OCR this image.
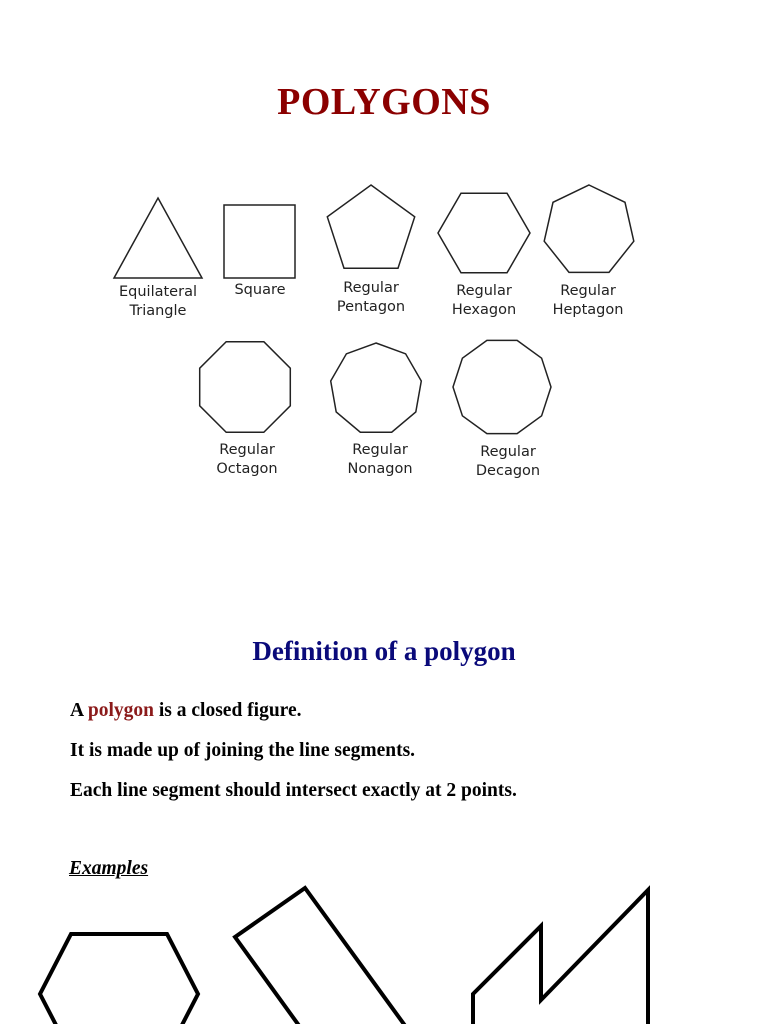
POLYGONS
Equilateral
Triangle
Square	Regular
Pentagon
Regular
Hexagon
Regular
Heptagon
Regular
Octagon
Regular
Nonagon
Regular
Decagon
Definition of a polygon
A polygon is a closed figure.
It is made up of joining the line segments.
Each line segment should intersect exactly at 2 points.
Examples
